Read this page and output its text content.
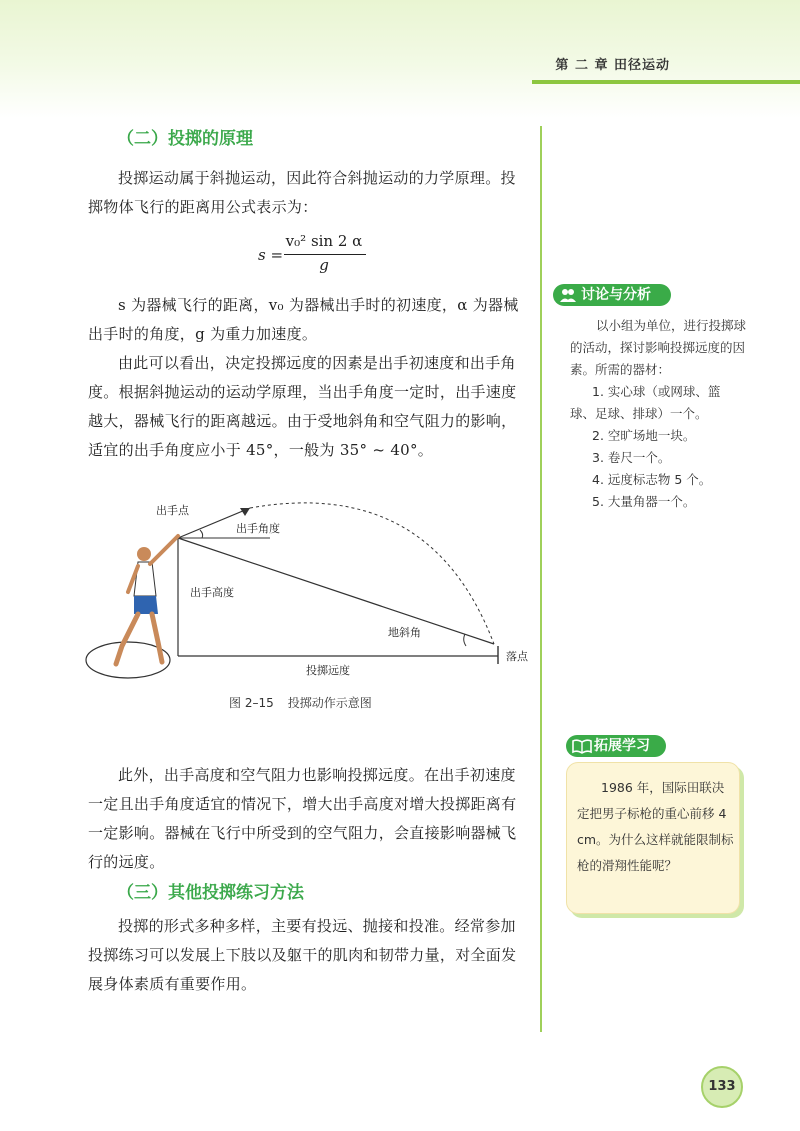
第 二 章 田径运动
（二）投掷的原理

投掷运动属于斜抛运动，因此符合斜抛运动的力学原理。投掷物体飞行的距离用公式表示为：

s =
v₀² sin 2 α
g

s 为器械飞行的距离，v₀ 为器械出手时的初速度，α 为器械出手时的角度，g 为重力加速度。

由此可以看出，决定投掷远度的因素是出手初速度和出手角度。根据斜抛运动的运动学原理，当出手角度一定时，出手速度越大，器械飞行的距离越远。由于受地斜角和空气阻力的影响，适宜的出手角度应小于 45°，一般为 35° ~ 40°。

出手点
出手角度
出手高度
地斜角
落点
投掷远度
图 2–15 投掷动作示意图

此外，出手高度和空气阻力也影响投掷远度。在出手初速度一定且出手角度适宜的情况下，增大出手高度对增大投掷距离有一定影响。器械在飞行中所受到的空气阻力，会直接影响器械飞行的远度。

（三）其他投掷练习方法

投掷的形式多种多样，主要有投远、抛接和投准。经常参加投掷练习可以发展上下肢以及躯干的肌肉和韧带力量，对全面发展身体素质有重要作用。

讨论与分析

以小组为单位，进行投掷球的活动，探讨影响投掷远度的因素。所需的器材：

1. 实心球（或网球、篮
球、足球、排球）一个。
2. 空旷场地一块。
3. 卷尺一个。
4. 远度标志物 5 个。
5. 大量角器一个。
拓展学习

1986 年，国际田联决定把男子标枪的重心前移 4 cm。为什么这样就能限制标枪的滑翔性能呢？

133
